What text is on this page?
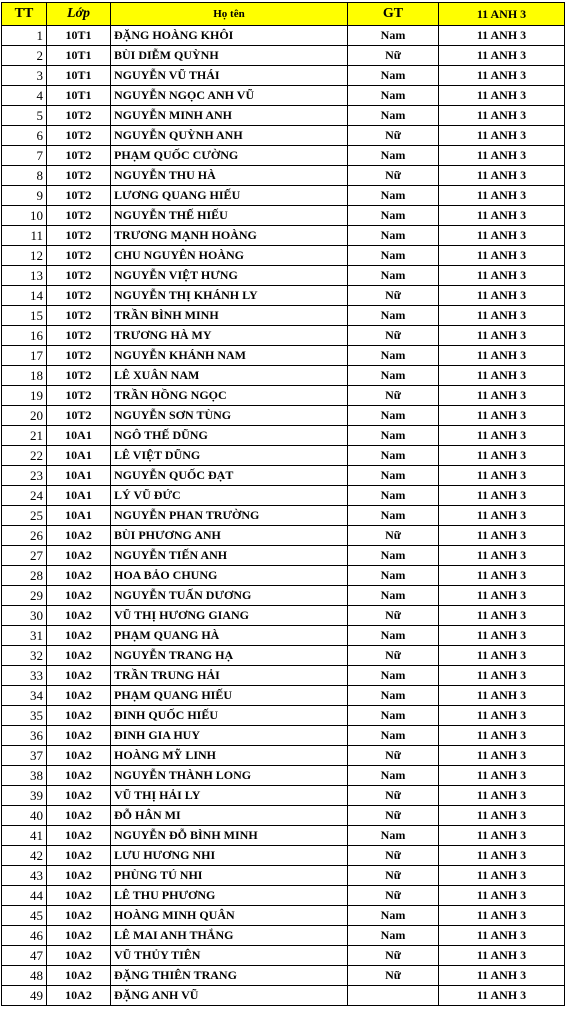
TT	Lớp	Họ tên	GT	11 ANH 3
1	10T1	ĐẶNG HOÀNG KHÔI	Nam	11 ANH 3
2	10T1	BÙI DIỄM QUỲNH	Nữ	11 ANH 3
3	10T1	NGUYỄN VŨ THÁI	Nam	11 ANH 3
4	10T1	NGUYỄN NGỌC ANH VŨ	Nam	11 ANH 3
5	10T2	NGUYỄN MINH ANH	Nam	11 ANH 3
6	10T2	NGUYỄN QUỲNH ANH	Nữ	11 ANH 3
7	10T2	PHẠM QUỐC CƯỜNG	Nam	11 ANH 3
8	10T2	NGUYỄN THU HÀ	Nữ	11 ANH 3
9	10T2	LƯƠNG QUANG HIẾU	Nam	11 ANH 3
10	10T2	NGUYỄN THẾ HIẾU	Nam	11 ANH 3
11	10T2	TRƯƠNG MẠNH HOÀNG	Nam	11 ANH 3
12	10T2	CHU NGUYÊN HOÀNG	Nam	11 ANH 3
13	10T2	NGUYỄN VIỆT HƯNG	Nam	11 ANH 3
14	10T2	NGUYỄN THỊ KHÁNH LY	Nữ	11 ANH 3
15	10T2	TRẦN BÌNH MINH	Nam	11 ANH 3
16	10T2	TRƯƠNG HÀ MY	Nữ	11 ANH 3
17	10T2	NGUYỄN KHÁNH NAM	Nam	11 ANH 3
18	10T2	LÊ XUÂN NAM	Nam	11 ANH 3
19	10T2	TRẦN HỒNG NGỌC	Nữ	11 ANH 3
20	10T2	NGUYỄN SƠN TÙNG	Nam	11 ANH 3
21	10A1	NGÔ THẾ DŨNG	Nam	11 ANH 3
22	10A1	LÊ VIỆT DŨNG	Nam	11 ANH 3
23	10A1	NGUYỄN QUỐC ĐẠT	Nam	11 ANH 3
24	10A1	LÝ VŨ ĐỨC	Nam	11 ANH 3
25	10A1	NGUYỄN PHAN TRƯỜNG	Nam	11 ANH 3
26	10A2	BÙI PHƯƠNG ANH	Nữ	11 ANH 3
27	10A2	NGUYỄN TIẾN ANH	Nam	11 ANH 3
28	10A2	HOA BẢO CHUNG	Nam	11 ANH 3
29	10A2	NGUYỄN TUẤN DƯƠNG	Nam	11 ANH 3
30	10A2	VŨ THỊ HƯƠNG GIANG	Nữ	11 ANH 3
31	10A2	PHẠM QUANG HÀ	Nam	11 ANH 3
32	10A2	NGUYỄN TRANG HẠ	Nữ	11 ANH 3
33	10A2	TRẦN TRUNG HẢI	Nam	11 ANH 3
34	10A2	PHẠM QUANG HIẾU	Nam	11 ANH 3
35	10A2	ĐINH QUỐC HIẾU	Nam	11 ANH 3
36	10A2	ĐINH GIA HUY	Nam	11 ANH 3
37	10A2	HOÀNG MỸ LINH	Nữ	11 ANH 3
38	10A2	NGUYỄN THÀNH LONG	Nam	11 ANH 3
39	10A2	VŨ THỊ HẢI LY	Nữ	11 ANH 3
40	10A2	ĐỖ HÂN MI	Nữ	11 ANH 3
41	10A2	NGUYỄN ĐỖ BÌNH MINH	Nam	11 ANH 3
42	10A2	LƯU HƯƠNG NHI	Nữ	11 ANH 3
43	10A2	PHÙNG TÚ NHI	Nữ	11 ANH 3
44	10A2	LÊ THU PHƯƠNG	Nữ	11 ANH 3
45	10A2	HOÀNG MINH QUÂN	Nam	11 ANH 3
46	10A2	LÊ MAI ANH THẮNG	Nam	11 ANH 3
47	10A2	VŨ THỦY TIÊN	Nữ	11 ANH 3
48	10A2	ĐẶNG THIÊN TRANG	Nữ	11 ANH 3
49	10A2	ĐẶNG ANH VŨ		11 ANH 3
